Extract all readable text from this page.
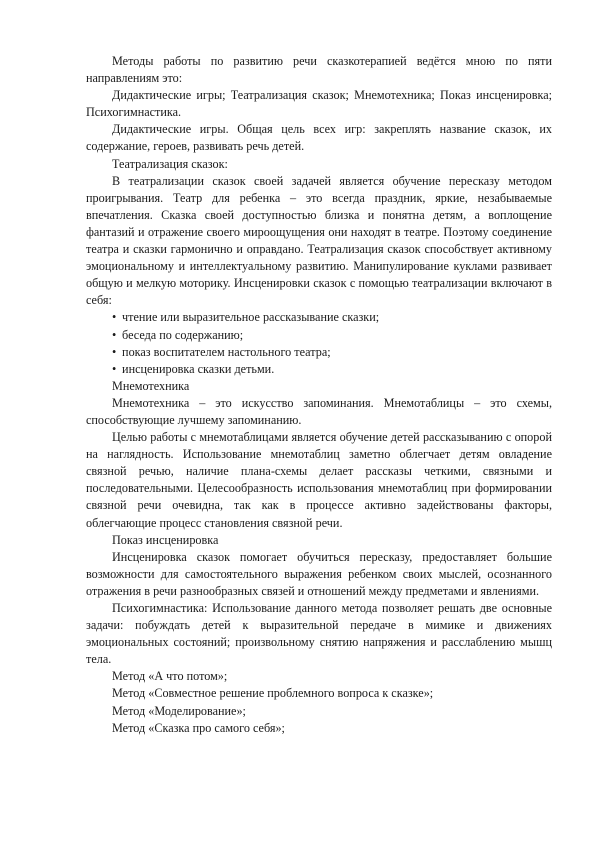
Методы работы по развитию речи сказкотерапией ведётся мною по пяти направлениям это:

Дидактические игры; Театрализация сказок; Мнемотехника; Показ инсценировка; Психогимнастика.

Дидактические игры. Общая цель всех игр: закреплять название сказок, их содержание, героев, развивать речь детей.

Театрализация сказок:

В театрализации сказок своей задачей является обучение пересказу методом проигрывания. Театр для ребенка – это всегда праздник, яркие, незабываемые впечатления. Сказка своей доступностью близка и понятна детям, а воплощение фантазий и отражение своего мироощущения они находят в театре. Поэтому соединение театра и сказки гармонично и оправдано. Театрализация сказок способствует активному эмоциональному и интеллектуальному развитию. Манипулирование куклами развивает общую и мелкую моторику. Инсценировки сказок с помощью театрализации включают в себя:

• чтение или выразительное рассказывание сказки;
• беседа по содержанию;
• показ воспитателем настольного театра;
• инсценировка сказки детьми.

Мнемотехника

Мнемотехника – это искусство запоминания. Мнемотаблицы – это схемы, способствующие лучшему запоминанию.

Целью работы с мнемотаблицами является обучение детей рассказыванию с опорой на наглядность. Использование мнемотаблиц заметно облегчает детям овладение связной речью, наличие плана-схемы делает рассказы четкими, связными и последовательными. Целесообразность использования мнемотаблиц при формировании связной речи очевидна, так как в процессе активно задействованы факторы, облегчающие процесс становления связной речи.

Показ инсценировка

Инсценировка сказок помогает обучиться пересказу, предоставляет большие возможности для самостоятельного выражения ребенком своих мыслей, осознанного отражения в речи разнообразных связей и отношений между предметами и явлениями.

Психогимнастика: Использование данного метода позволяет решать две основные задачи: побуждать детей к выразительной передаче в мимике и движениях эмоциональных состояний; произвольному снятию напряжения и расслаблению мышц тела.

Метод «А что потом»;

Метод «Совместное решение проблемного вопроса к сказке»;

Метод «Моделирование»;

Метод «Сказка про самого себя»;
